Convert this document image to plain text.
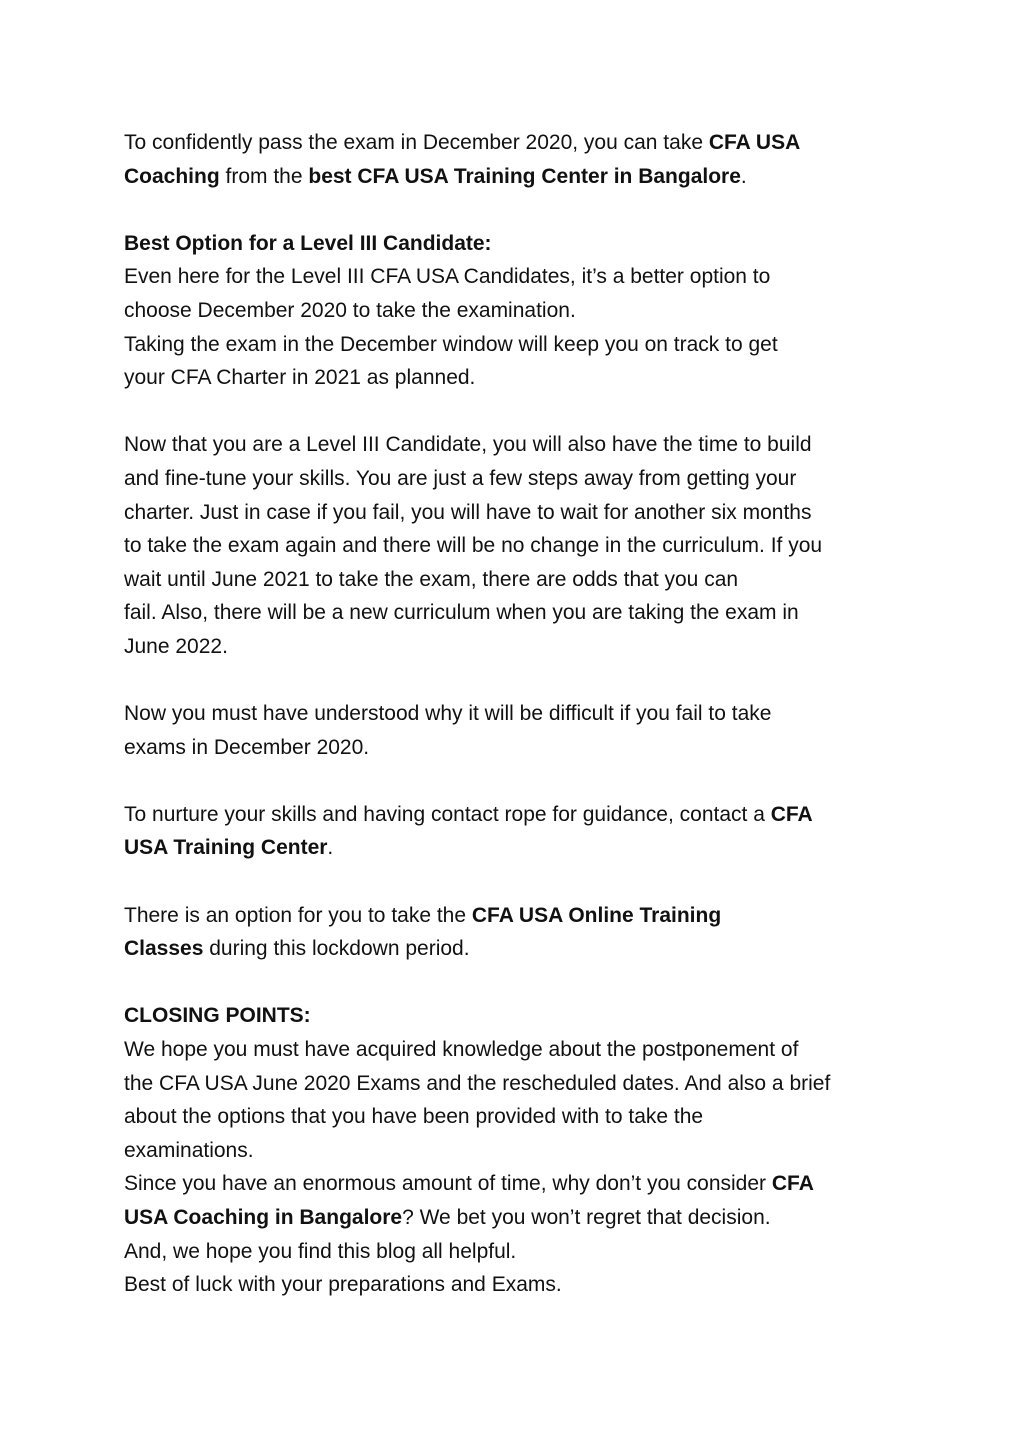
To confidently pass the exam in December 2020, you can take CFA USA
Coaching from the best CFA USA Training Center in Bangalore.
Best Option for a Level III Candidate:
Even here for the Level III CFA USA Candidates, it’s a better option to
choose December 2020 to take the examination.
Taking the exam in the December window will keep you on track to get
your CFA Charter in 2021 as planned.
Now that you are a Level III Candidate, you will also have the time to build
and fine-tune your skills. You are just a few steps away from getting your
charter. Just in case if you fail, you will have to wait for another six months
to take the exam again and there will be no change in the curriculum. If you
wait until June 2021 to take the exam, there are odds that you can
fail. Also, there will be a new curriculum when you are taking the exam in
June 2022.
Now you must have understood why it will be difficult if you fail to take
exams in December 2020.
To nurture your skills and having contact rope for guidance, contact a CFA
USA Training Center.
There is an option for you to take the CFA USA Online Training
Classes during this lockdown period.
CLOSING POINTS:
We hope you must have acquired knowledge about the postponement of
the CFA USA June 2020 Exams and the rescheduled dates. And also a brief
about the options that you have been provided with to take the
examinations.
Since you have an enormous amount of time, why don’t you consider CFA
USA Coaching in Bangalore? We bet you won’t regret that decision.
And, we hope you find this blog all helpful.
Best of luck with your preparations and Exams.
